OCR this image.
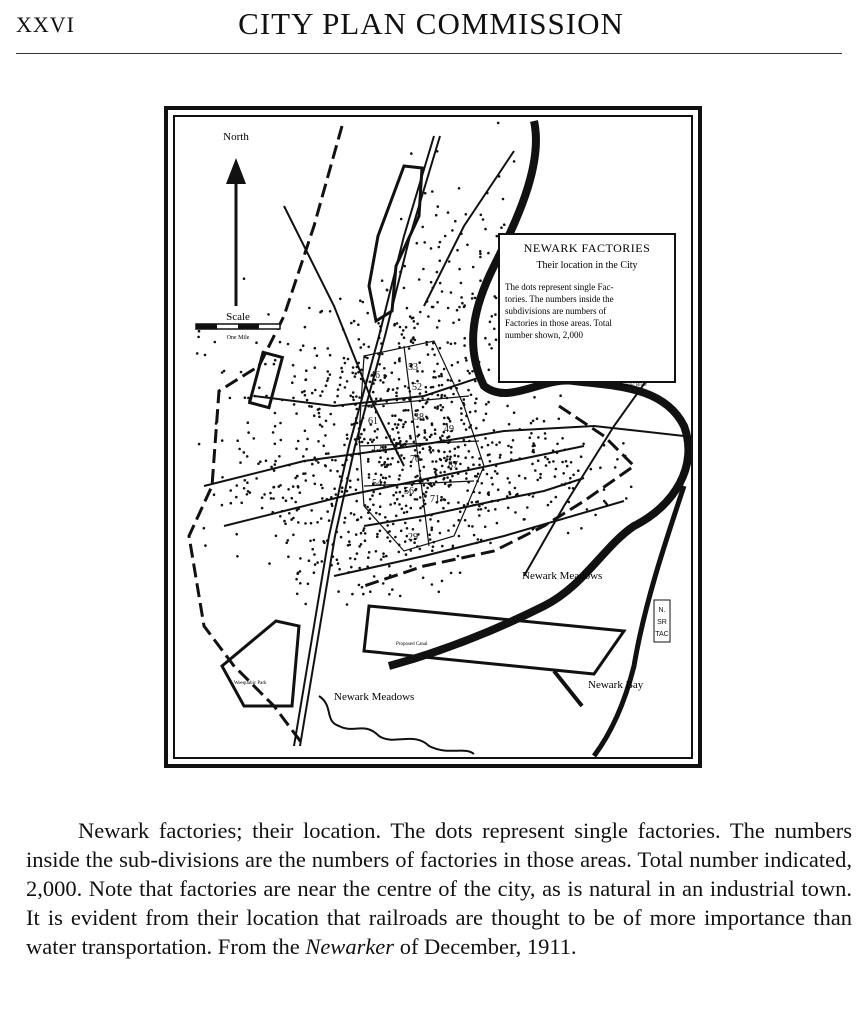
XXVI	CITY PLAN COMMISSION
North
Scale
One Mile
NEWARK FACTORIES
Their location in the City
The dots represent single Fac-
tories. The numbers inside the
subdivisions are numbers of
Factories in those areas. Total
number shown, 2,000
46
53
52
61	38
49
70
87
128
54
56
71
29
Newark Meadows
Newark Meadows
Newark Bay
Proposed Canal
Weequahic Park
Passaic River
N.
SR
TAC

Newark factories; their location. The dots represent single factories. The numbers inside the sub-divisions are the numbers of factories in those areas. Total number indicated, 2,000. Note that factories are near the centre of the city, as is natural in an industrial town. It is evident from their location that railroads are thought to be of more importance than water transportation. From the Newarker of December, 1911.
